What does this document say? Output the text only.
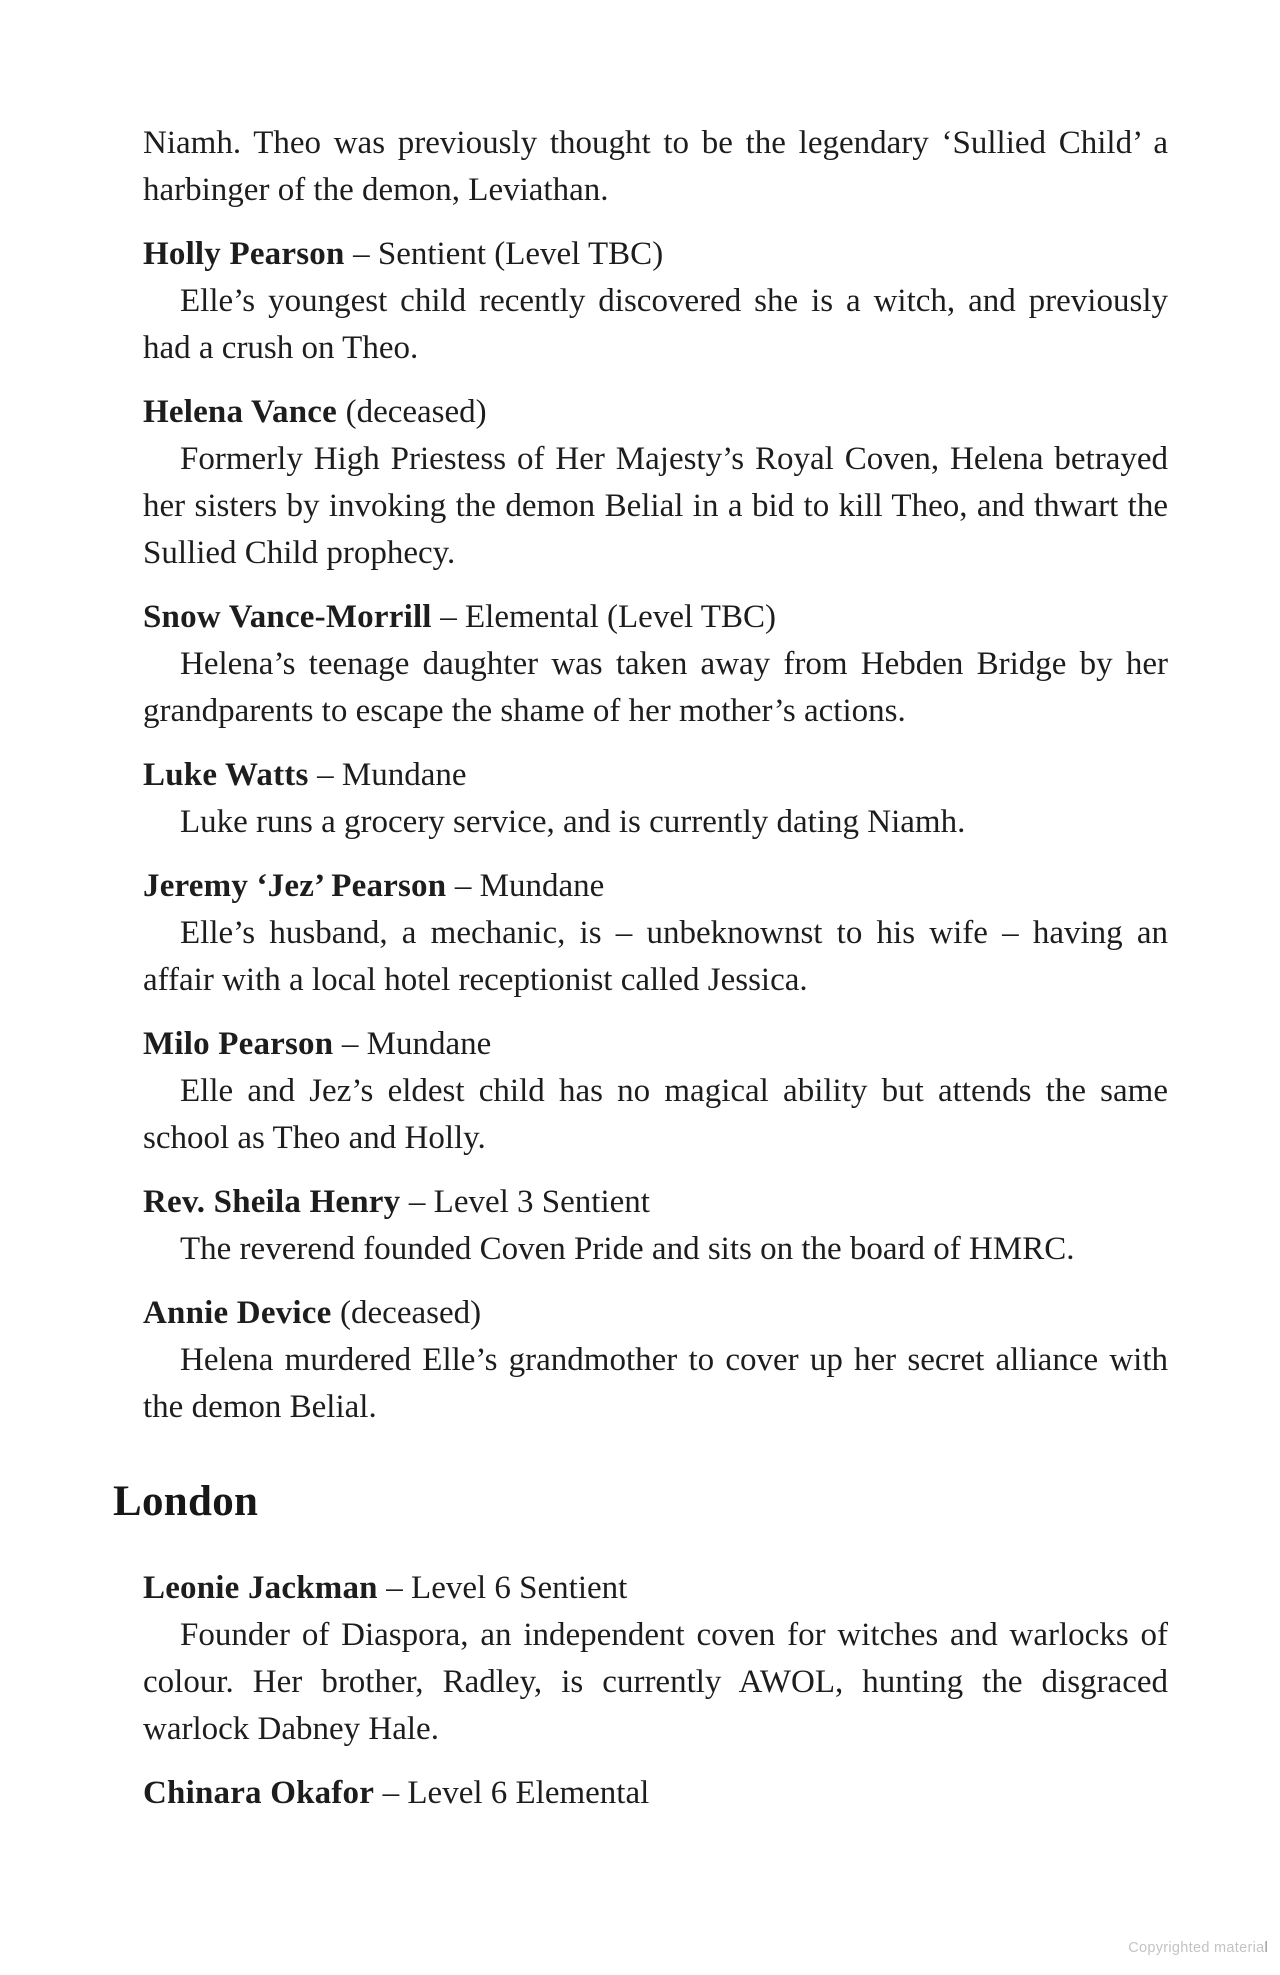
Niamh. Theo was previously thought to be the legendary ‘Sullied Child’ a harbinger of the demon, Leviathan.

Holly Pearson – Sentient (Level TBC)

Elle’s youngest child recently discovered she is a witch, and previously had a crush on Theo.

Helena Vance (deceased)

Formerly High Priestess of Her Majesty’s Royal Coven, Helena betrayed her sisters by invoking the demon Belial in a bid to kill Theo, and thwart the Sullied Child prophecy.

Snow Vance-Morrill – Elemental (Level TBC)

Helena’s teenage daughter was taken away from Hebden Bridge by her grandparents to escape the shame of her mother’s actions.

Luke Watts – Mundane

Luke runs a grocery service, and is currently dating Niamh.

Jeremy ‘Jez’ Pearson – Mundane

Elle’s husband, a mechanic, is – unbeknownst to his wife – having an affair with a local hotel receptionist called Jessica.

Milo Pearson – Mundane

Elle and Jez’s eldest child has no magical ability but attends the same school as Theo and Holly.

Rev. Sheila Henry – Level 3 Sentient

The reverend founded Coven Pride and sits on the board of HMRC.

Annie Device (deceased)

Helena murdered Elle’s grandmother to cover up her secret alliance with the demon Belial.

London

Leonie Jackman – Level 6 Sentient

Founder of Diaspora, an independent coven for witches and warlocks of colour. Her brother, Radley, is currently AWOL, hunting the disgraced warlock Dabney Hale.

Chinara Okafor – Level 6 Elemental

Copyrighted material
